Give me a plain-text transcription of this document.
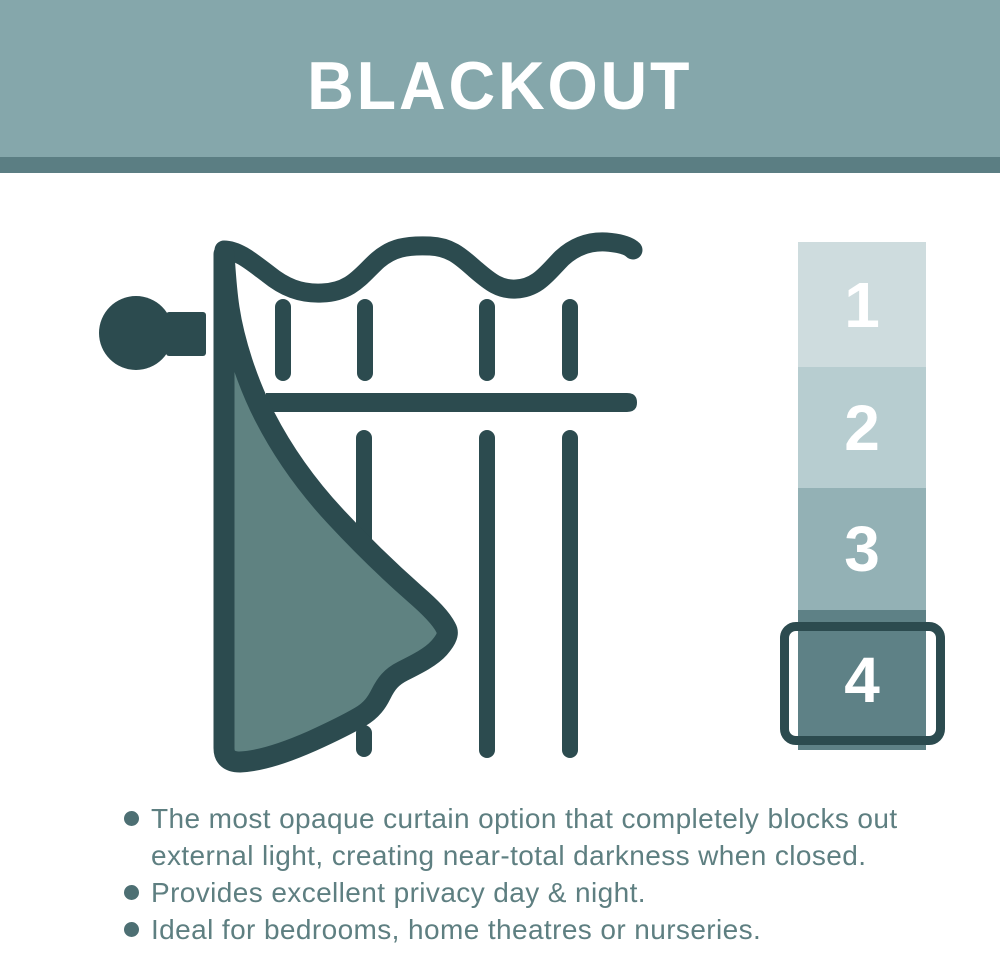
BLACKOUT
1
2
3
4
The most opaque curtain option that completely blocks out
external light, creating near-total darkness when closed.
Provides excellent privacy day & night.
Ideal for bedrooms, home theatres or nurseries.
